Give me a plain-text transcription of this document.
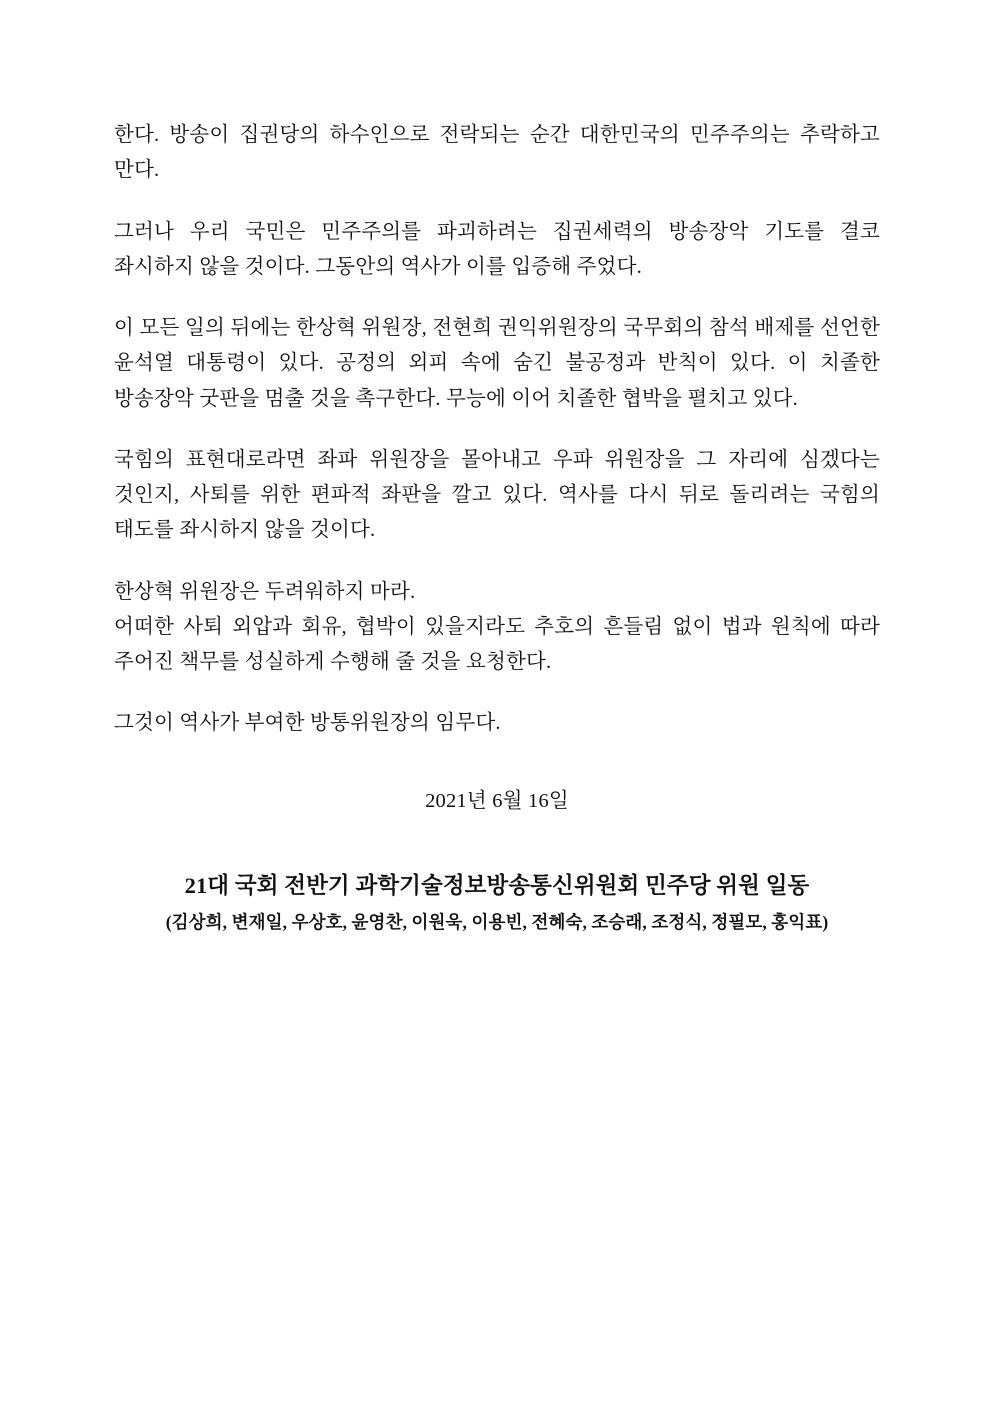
한다. 방송이 집권당의 하수인으로 전락되는 순간 대한민국의 민주주의는 추락하고 만다.

그러나 우리 국민은 민주주의를 파괴하려는 집권세력의 방송장악 기도를 결코 좌시하지 않을 것이다. 그동안의 역사가 이를 입증해 주었다.

이 모든 일의 뒤에는 한상혁 위원장, 전현희 권익위원장의 국무회의 참석 배제를 선언한 윤석열 대통령이 있다. 공정의 외피 속에 숨긴 불공정과 반칙이 있다. 이 치졸한 방송장악 굿판을 멈출 것을 촉구한다. 무능에 이어 치졸한 협박을 펼치고 있다.

국힘의 표현대로라면 좌파 위원장을 몰아내고 우파 위원장을 그 자리에 심겠다는 것인지, 사퇴를 위한 편파적 좌판을 깔고 있다. 역사를 다시 뒤로 돌리려는 국힘의 태도를 좌시하지 않을 것이다.

한상혁 위원장은 두려워하지 마라.

어떠한 사퇴 외압과 회유, 협박이 있을지라도 추호의 흔들림 없이 법과 원칙에 따라 주어진 책무를 성실하게 수행해 줄 것을 요청한다.

그것이 역사가 부여한 방통위원장의 임무다.

2021년 6월 16일

21대 국회 전반기 과학기술정보방송통신위원회 민주당 위원 일동
(김상희, 변재일, 우상호, 윤영찬, 이원욱, 이용빈, 전혜숙, 조승래, 조정식, 정필모, 홍익표)
